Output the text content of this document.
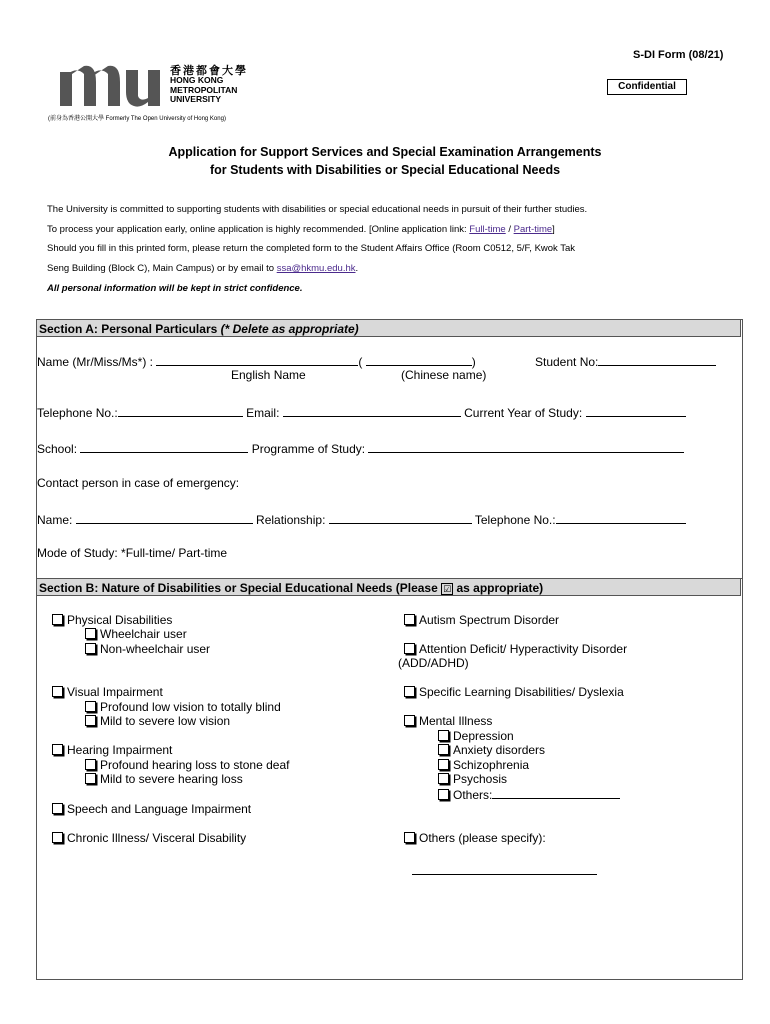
香港都會大學
HONG KONG
METROPOLITAN
UNIVERSITY
(前身為香港公開大學 Formerly The Open University of Hong Kong)
S-DI Form (08/21)
Confidential
Application for Support Services and Special Examination Arrangements
for Students with Disabilities or Special Educational Needs
The University is committed to supporting students with disabilities or special educational needs in pursuit of their further studies.
To process your application early, online application is highly recommended. [Online application link: Full-time / Part-time]
Should you fill in this printed form, please return the completed form to the Student Affairs Office (Room C0512, 5/F, Kwok Tak
Seng Building (Block C), Main Campus) or by email to ssa@hkmu.edu.hk.
All personal information will be kept in strict confidence.
Section A: Personal Particulars (* Delete as appropriate)
Name (Mr/Miss/Ms*) :	(	)	Student No:
English Name	(Chinese name)
Telephone No.:	Email:	Current Year of Study:
School:	Programme of Study:
Contact person in case of emergency:
Name:	Relationship:	Telephone No.:
Mode of Study: *Full-time/ Part-time
Section B: Nature of Disabilities or Special Educational Needs (Please ☑ as appropriate)
Physical Disabilities
Wheelchair user
Non-wheelchair user
Visual Impairment
Profound low vision to totally blind
Mild to severe low vision
Hearing Impairment
Profound hearing loss to stone deaf
Mild to severe hearing loss
Speech and Language Impairment
Chronic Illness/ Visceral Disability
Autism Spectrum Disorder
Attention Deficit/ Hyperactivity Disorder
(ADD/ADHD)
Specific Learning Disabilities/ Dyslexia
Mental Illness
Depression
Anxiety disorders
Schizophrenia
Psychosis
Others:
Others (please specify):
